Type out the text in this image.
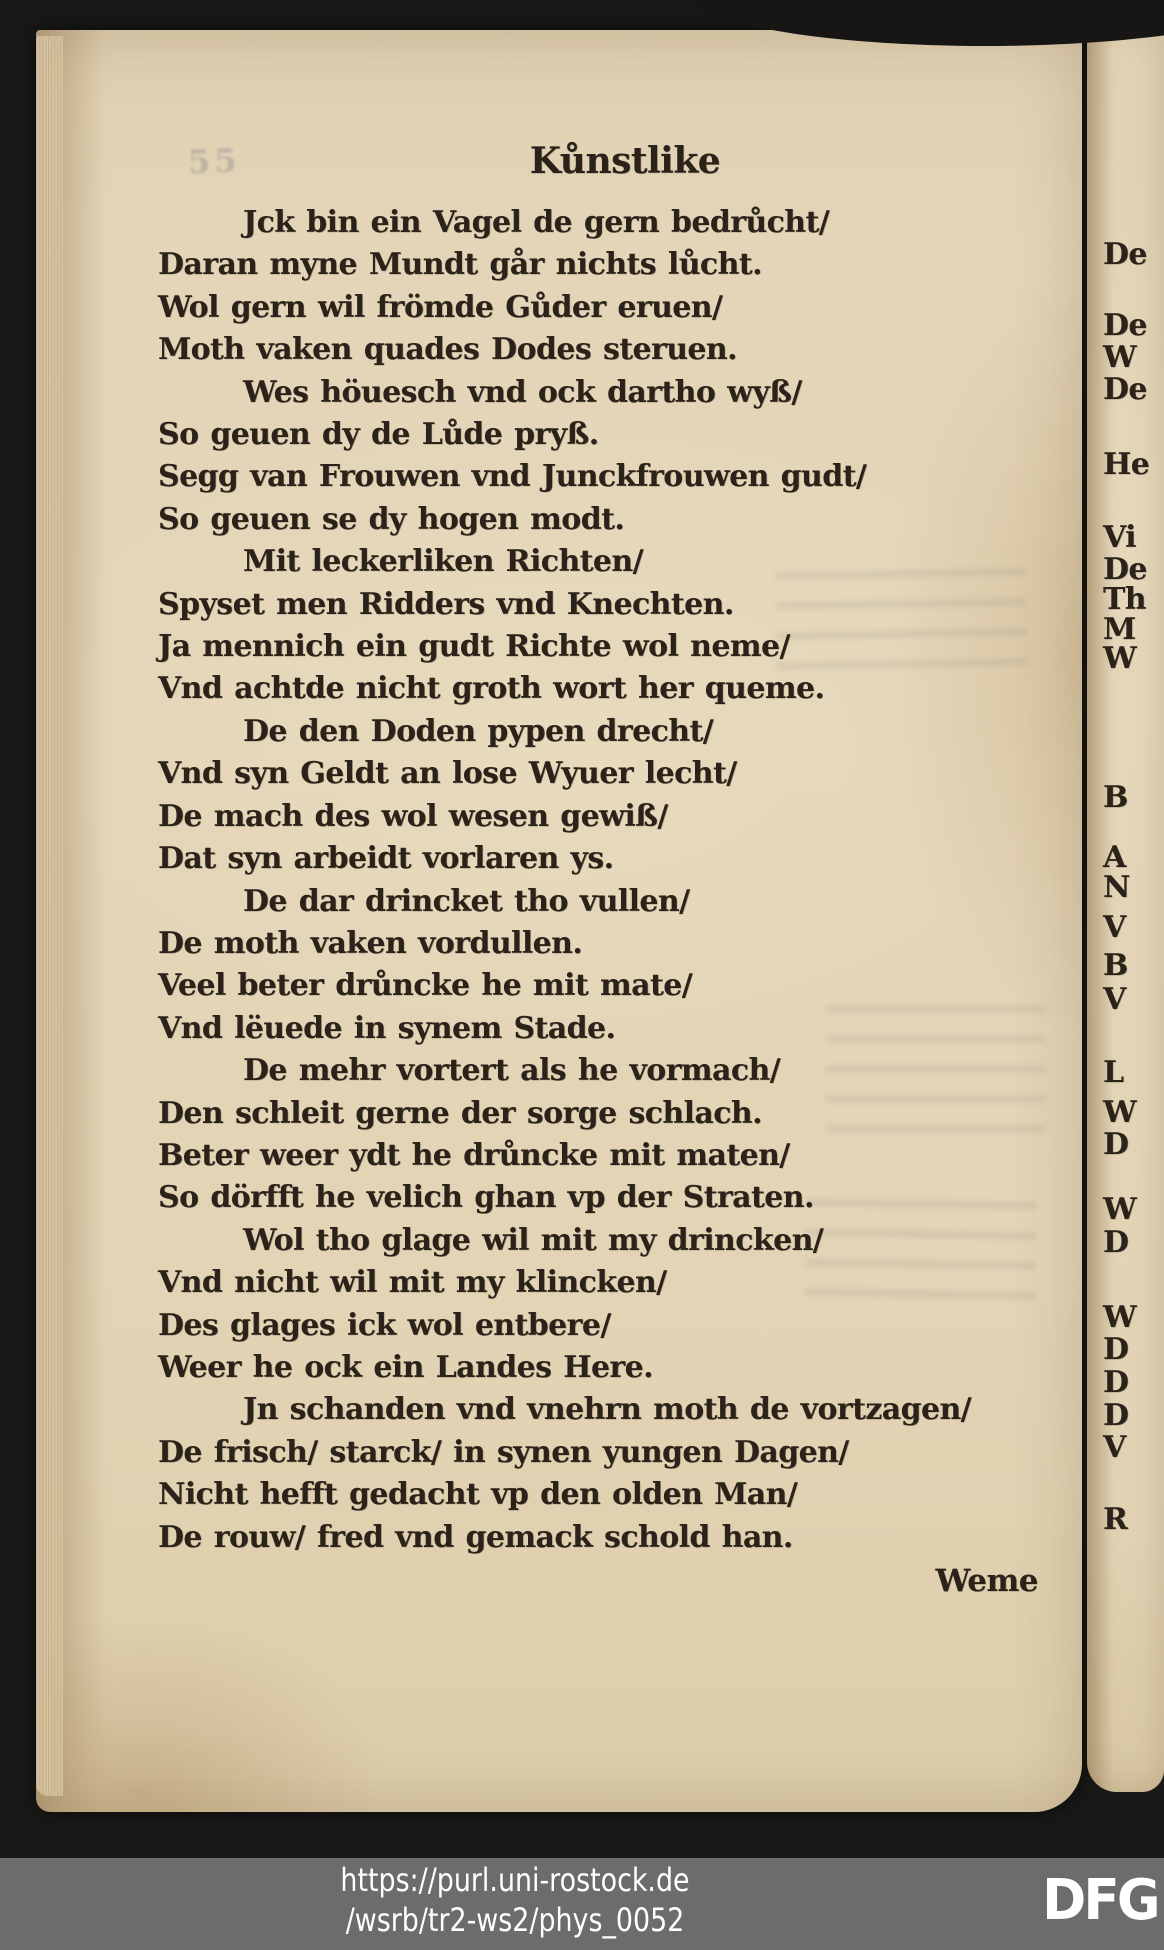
55	Kůnstlike
Jck bin ein Vagel de gern bedrůcht/
Daran myne Mundt går nichts lůcht.
Wol gern wil frömde Gůder eruen/
Moth vaken quades Dodes steruen.
Wes höuesch vnd ock dartho wyß/
So geuen dy de Lůde pryß.
Segg van Frouwen vnd Junckfrouwen gudt/
So geuen se dy hogen modt.
Mit leckerliken Richten/
Spyset men Ridders vnd Knechten.
Ja mennich ein gudt Richte wol neme/
Vnd achtde nicht groth wort her queme.
De den Doden pypen drecht/
Vnd syn Geldt an lose Wyuer lecht/
De mach des wol wesen gewiß/
Dat syn arbeidt vorlaren ys.
De dar drincket tho vullen/
De moth vaken vordullen.
Veel beter drůncke he mit mate/
Vnd lëuede in synem Stade.
De mehr vortert als he vormach/
Den schleit gerne der sorge schlach.
Beter weer ydt he drůncke mit maten/
So dörfft he velich ghan vp der Straten.
Wol tho glage wil mit my drincken/
Vnd nicht wil mit my klincken/
Des glages ick wol entbere/
Weer he ock ein Landes Here.
Jn schanden vnd vnehrn moth de vortzagen/
De frisch/ starck/ in synen yungen Dagen/
Nicht hefft gedacht vp den olden Man/
De rouw/ fred vnd gemack schold han.
Weme
De
De
W
De
He
Vi
De
Th
M
W
B
A
N
V
B
V
L
W
D
W
D
W
D
D
D
V
R
https://purl.uni-rostock.de
/wsrb/tr2-ws2/phys_0052	DFG
